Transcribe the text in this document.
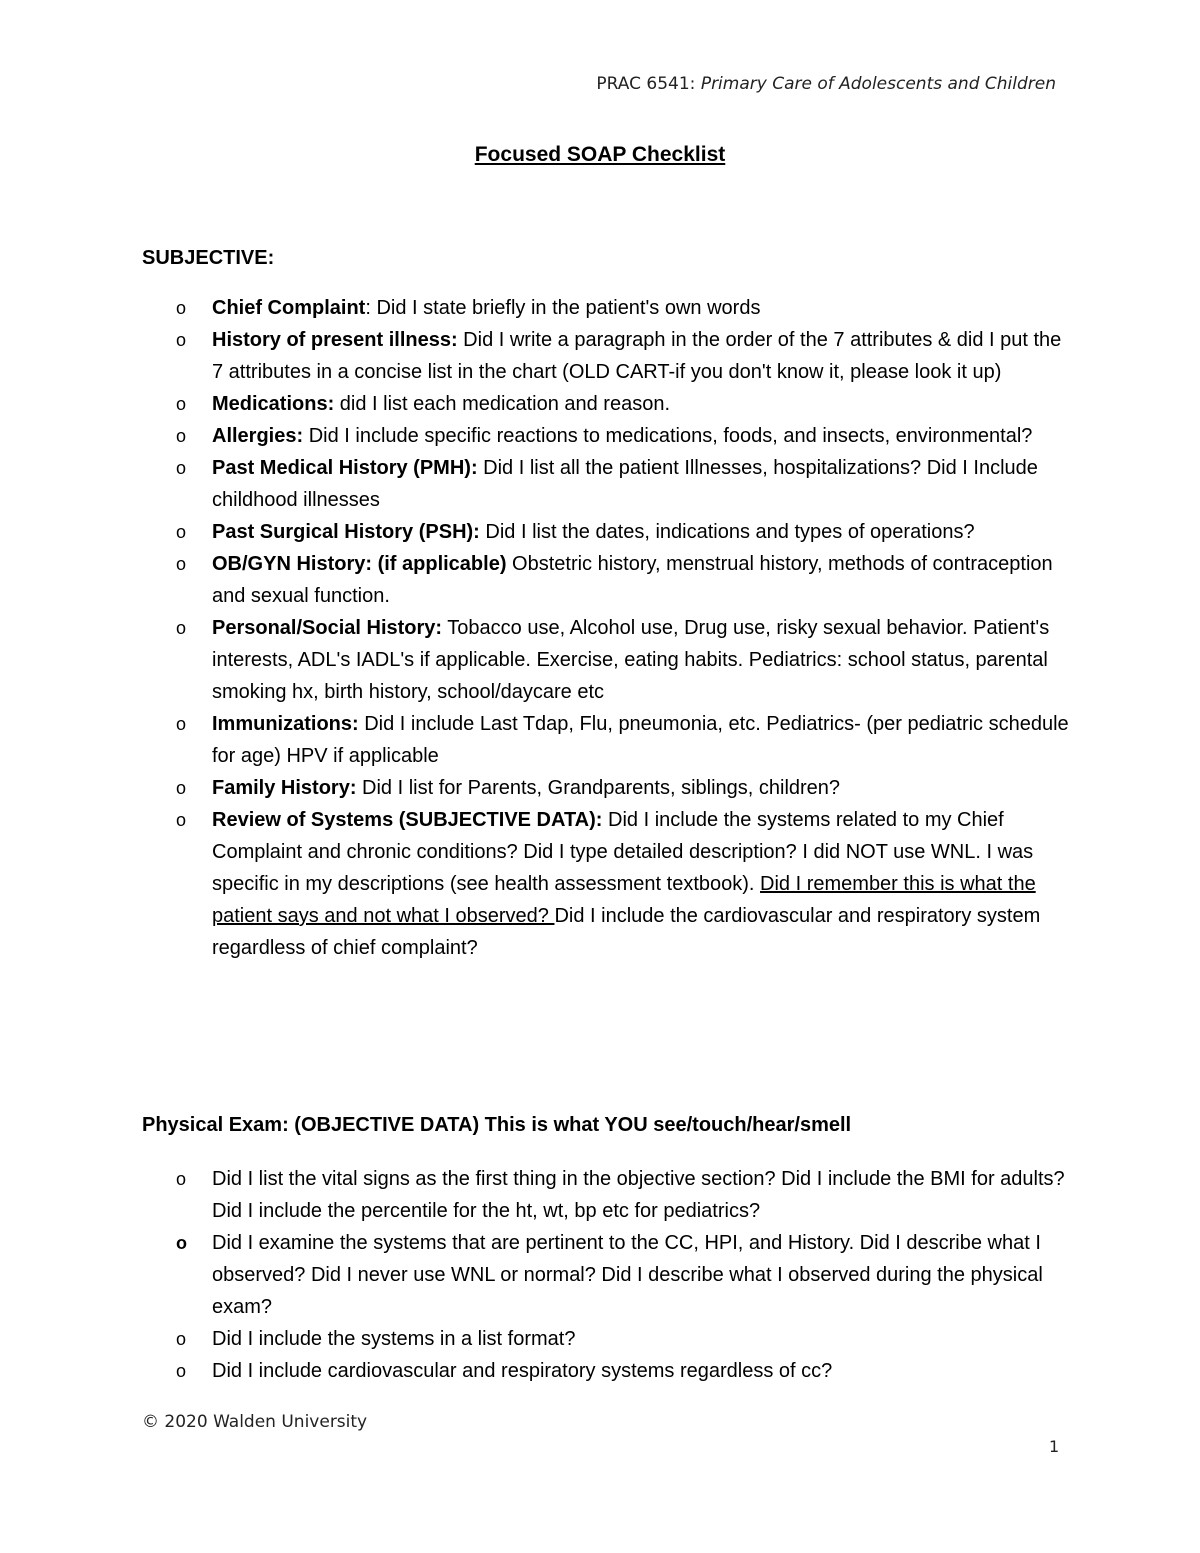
PRAC 6541: Primary Care of Adolescents and Children
Focused SOAP Checklist
SUBJECTIVE:
o Chief Complaint: Did I state briefly in the patient's own words
o History of present illness: Did I write a paragraph in the order of the 7 attributes & did I put the 7 attributes in a concise list in the chart (OLD CART-if you don't know it, please look it up)
o Medications: did I list each medication and reason.
o Allergies: Did I include specific reactions to medications, foods, and insects, environmental?
o Past Medical History (PMH): Did I list all the patient Illnesses, hospitalizations? Did I Include childhood illnesses
o Past Surgical History (PSH): Did I list the dates, indications and types of operations?
o OB/GYN History: (if applicable) Obstetric history, menstrual history, methods of contraception and sexual function.
o Personal/Social History: Tobacco use, Alcohol use, Drug use, risky sexual behavior. Patient's interests, ADL's IADL's if applicable. Exercise, eating habits. Pediatrics: school status, parental smoking hx, birth history, school/daycare etc
o Immunizations: Did I include Last Tdap, Flu, pneumonia, etc. Pediatrics- (per pediatric schedule for age) HPV if applicable
o Family History: Did I list for Parents, Grandparents, siblings, children?
o Review of Systems (SUBJECTIVE DATA): Did I include the systems related to my Chief Complaint and chronic conditions? Did I type detailed description? I did NOT use WNL. I was specific in my descriptions (see health assessment textbook). Did I remember this is what the patient says and not what I observed? Did I include the cardiovascular and respiratory system regardless of chief complaint?
Physical Exam: (OBJECTIVE DATA) This is what YOU see/touch/hear/smell
o Did I list the vital signs as the first thing in the objective section? Did I include the BMI for adults? Did I include the percentile for the ht, wt, bp etc for pediatrics?
o Did I examine the systems that are pertinent to the CC, HPI, and History. Did I describe what I observed? Did I never use WNL or normal? Did I describe what I observed during the physical exam?
o Did I include the systems in a list format?
o Did I include cardiovascular and respiratory systems regardless of cc?
© 2020 Walden University
1
